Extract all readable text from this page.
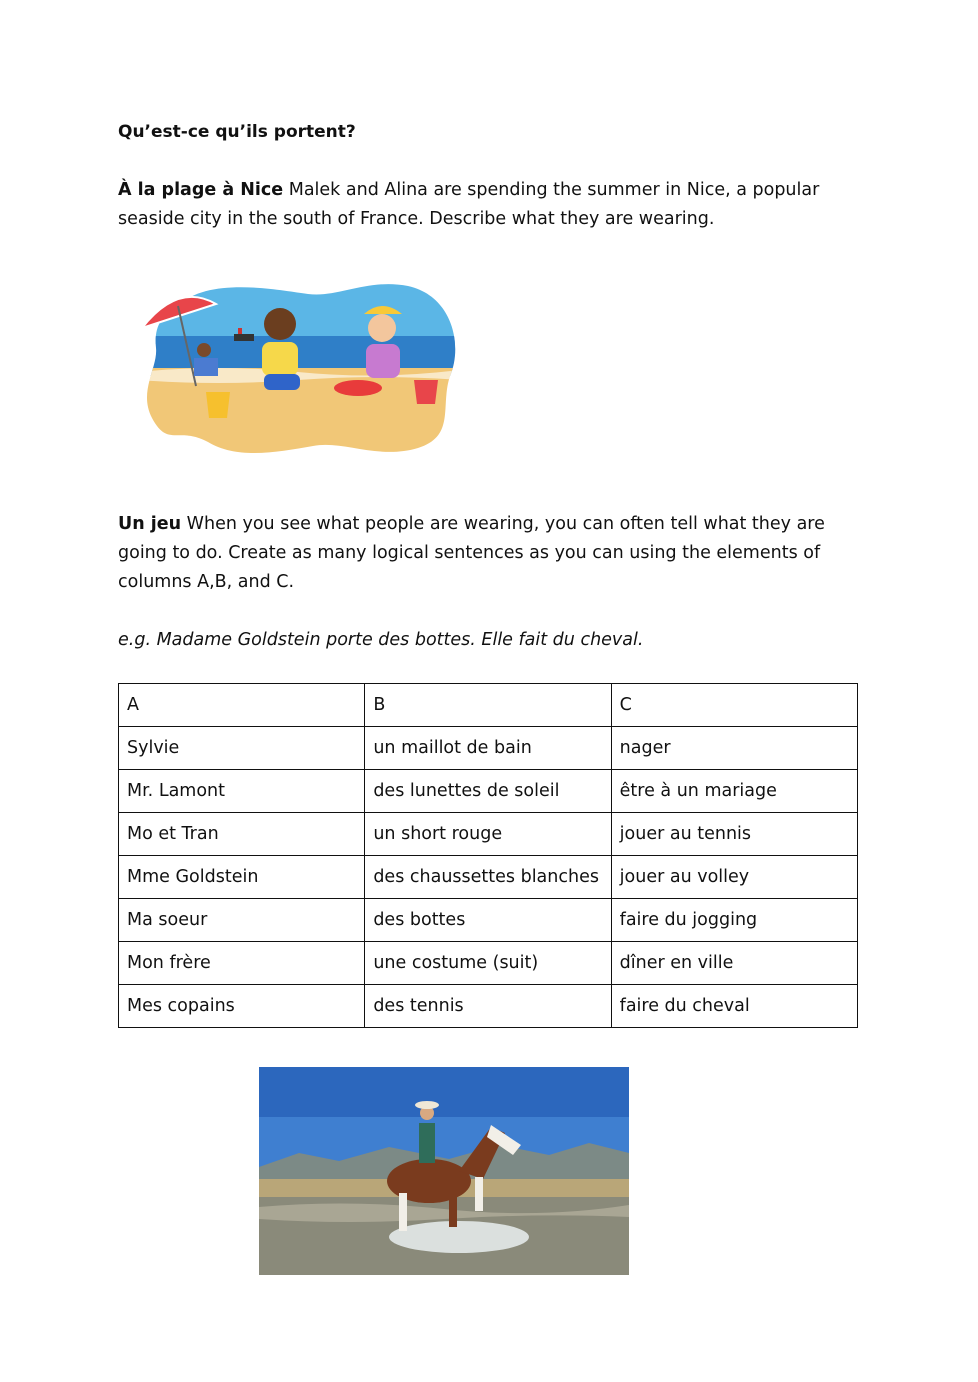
Qu’est-ce qu’ils portent?

À la plage à Nice Malek and Alina are spending the summer in Nice, a popular seaside city in the south of France. Describe what they are wearing.

Un jeu When you see what people are wearing, you can often tell what they are going to do. Create as many logical sentences as you can using the elements of columns A,B, and C.

e.g. Madame Goldstein porte des bottes. Elle fait du cheval.

A	B	C
Sylvie	un maillot de bain	nager
Mr. Lamont	des lunettes de soleil	être à un mariage
Mo et Tran	un short rouge	jouer au tennis
Mme Goldstein	des chaussettes blanches	jouer au volley
Ma soeur	des bottes	faire du jogging
Mon frère	une costume (suit)	dîner en ville
Mes copains	des tennis	faire du cheval
